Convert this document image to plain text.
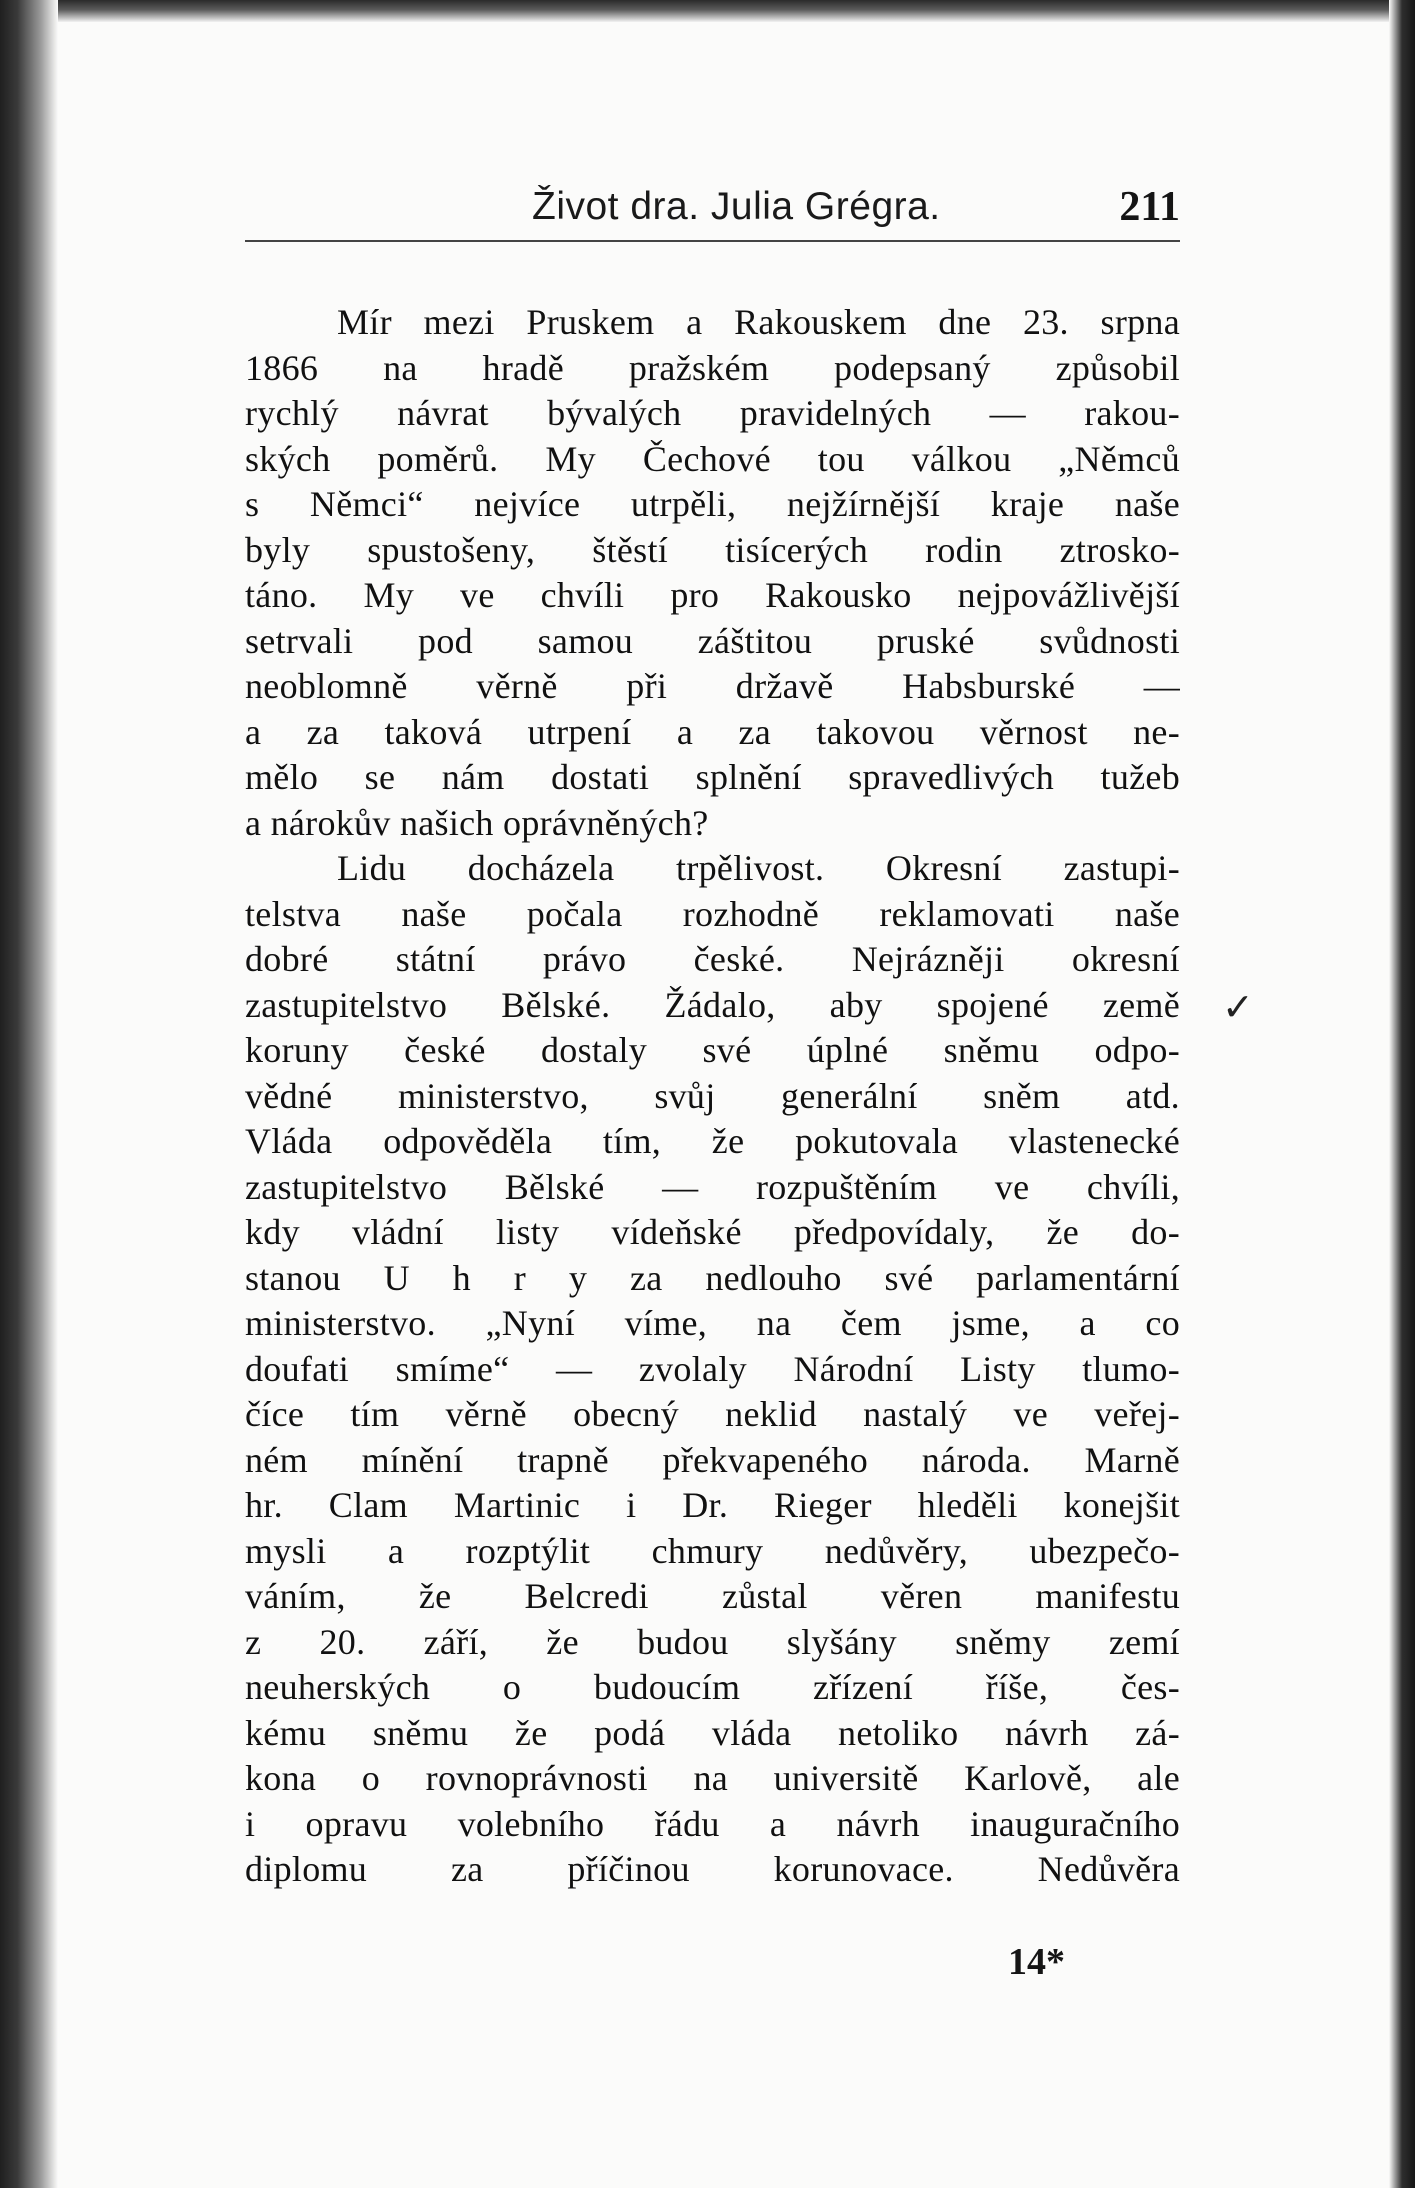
Život dra. Julia Grégra.	211
Mír mezi Pruskem a Rakouskem dne 23. srpna
1866 na hradě pražském podepsaný způsobil
rychlý návrat bývalých pravidelných — rakou-
ských poměrů. My Čechové tou válkou „Němců
s Němci“ nejvíce utrpěli, nejžírnější kraje naše
byly spustošeny, štěstí tisícerých rodin ztrosko-
táno. My ve chvíli pro Rakousko nejpovážlivější
setrvali pod samou záštitou pruské svůdnosti
neoblomně věrně při državě Habsburské —
a za taková utrpení a za takovou věrnost ne-
mělo se nám dostati splnění spravedlivých tužeb
a nárokův našich oprávněných?
Lidu docházela trpělivost. Okresní zastupi-
telstva naše počala rozhodně reklamovati naše
dobré státní právo české. Nejrázněji okresní
zastupitelstvo Bělské. Žádalo, aby spojené země
koruny české dostaly své úplné sněmu odpo-
vědné ministerstvo, svůj generální sněm atd.
Vláda odpověděla tím, že pokutovala vlastenecké
zastupitelstvo Bělské — rozpuštěním ve chvíli,
kdy vládní listy vídeňské předpovídaly, že do-
stanou U h r y za nedlouho své parlamentární
ministerstvo. „Nyní víme, na čem jsme, a co
doufati smíme“ — zvolaly Národní Listy tlumo-
číce tím věrně obecný neklid nastalý ve veřej-
ném mínění trapně překvapeného národa. Marně
hr. Clam Martinic i Dr. Rieger hleděli konejšit
mysli a rozptýlit chmury nedůvěry, ubezpečo-
váním, že Belcredi zůstal věren manifestu
z 20. září, že budou slyšány sněmy zemí
neuherských o budoucím zřízení říše, čes-
kému sněmu že podá vláda netoliko návrh zá-
kona o rovnoprávnosti na universitě Karlově, ale
i opravu volebního řádu a návrh inauguračního
diplomu za příčinou korunovace. Nedůvěra
✓
14*
